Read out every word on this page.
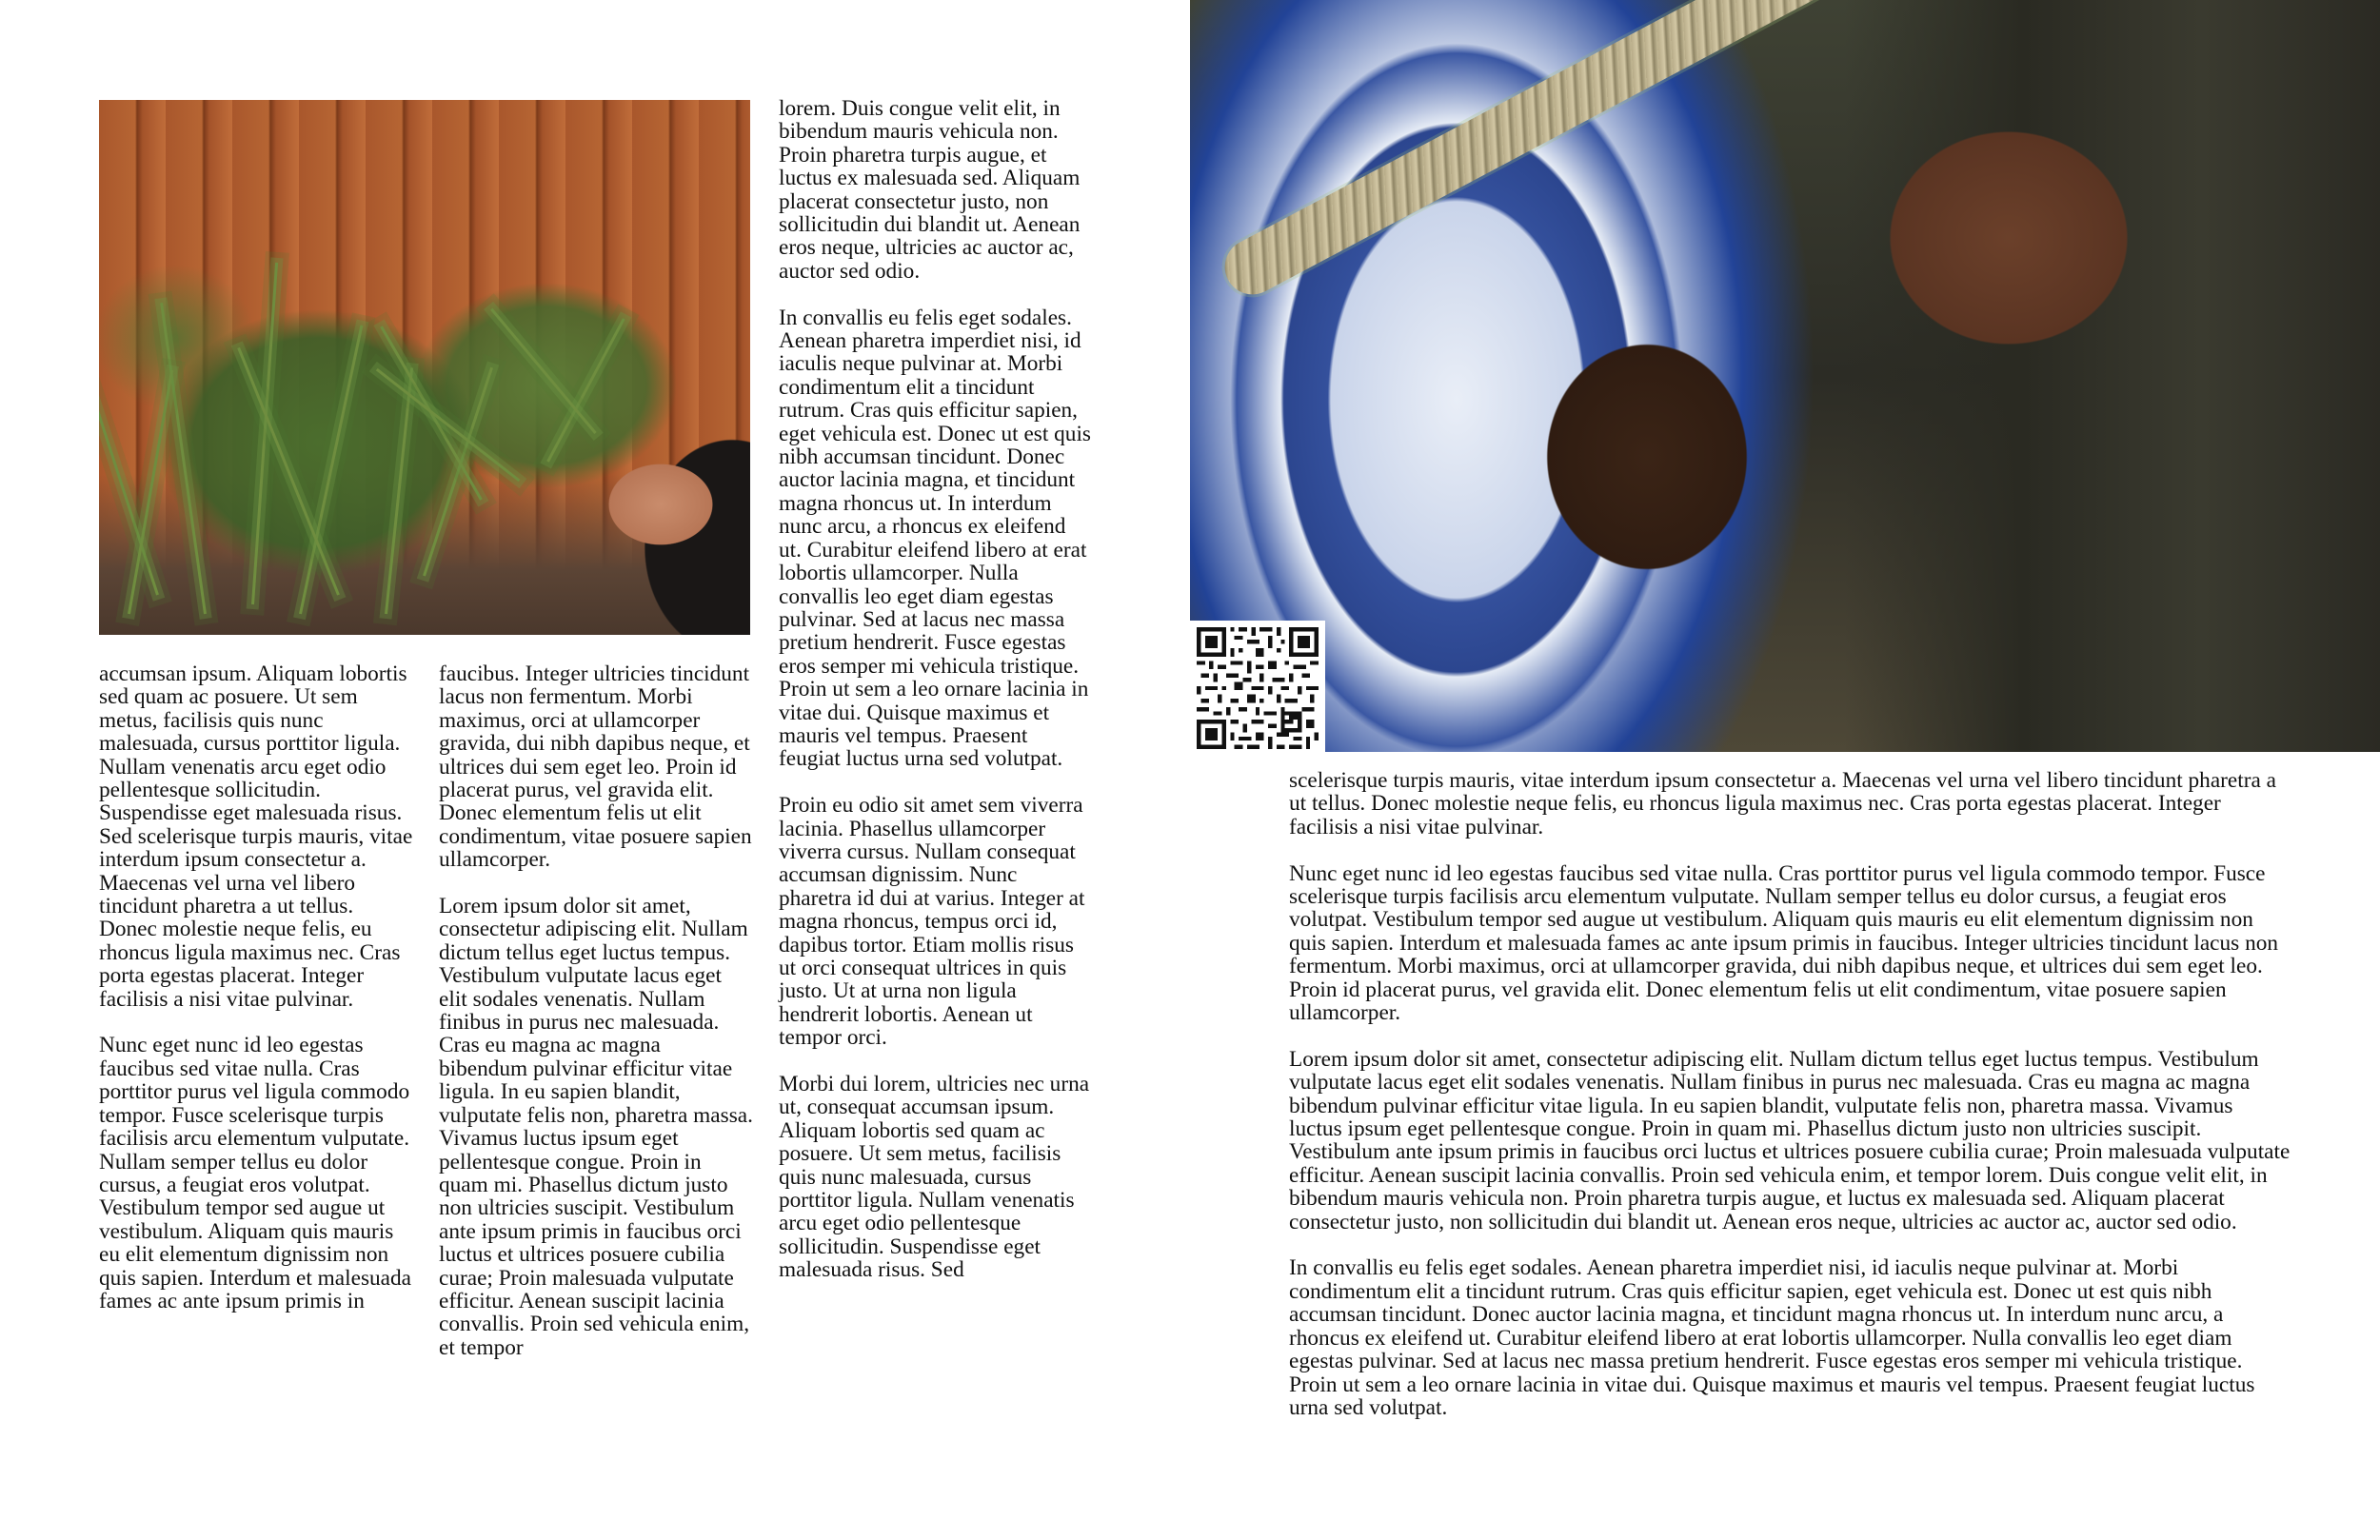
accumsan ipsum. Aliquam lobortis sed quam ac posuere. Ut sem metus, facilisis quis nunc malesuada, cursus porttitor ligula. Nullam venenatis arcu eget odio pellentesque sollicitudin. Suspendisse eget malesuada risus. Sed scelerisque turpis mauris, vitae interdum ipsum consectetur a. Maecenas vel urna vel libero tincidunt pharetra a ut tellus. Donec molestie neque felis, eu rhoncus ligula maximus nec. Cras porta egestas placerat. Integer facilisis a nisi vitae pulvinar.

Nunc eget nunc id leo egestas faucibus sed vitae nulla. Cras porttitor purus vel ligula commodo tempor. Fusce scelerisque turpis facilisis arcu elementum vulputate. Nullam semper tellus eu dolor cursus, a feugiat eros volutpat. Vestibulum tempor sed augue ut vestibulum. Aliquam quis mauris eu elit elementum dignissim non quis sapien. Interdum et malesuada fames ac ante ipsum primis in

faucibus. Integer ultricies tincidunt lacus non fermentum. Morbi maximus, orci at ullamcorper gravida, dui nibh dapibus neque, et ultrices dui sem eget leo. Proin id placerat purus, vel gravida elit. Donec elementum felis ut elit condimentum, vitae posuere sapien ullamcorper.

Lorem ipsum dolor sit amet, consectetur adipiscing elit. Nullam dictum tellus eget luctus tempus. Vestibulum vulputate lacus eget elit sodales venenatis. Nullam finibus in purus nec malesuada. Cras eu magna ac magna bibendum pulvinar efficitur vitae ligula. In eu sapien blandit, vulputate felis non, pharetra massa. Vivamus luctus ipsum eget pellentesque congue. Proin in quam mi. Phasellus dictum justo non ultricies suscipit. Vestibulum ante ipsum primis in faucibus orci luctus et ultrices posuere cubilia curae; Proin malesuada vulputate efficitur. Aenean suscipit lacinia convallis. Proin sed vehicula enim, et tempor

lorem. Duis congue velit elit, in bibendum mauris vehicula non. Proin pharetra turpis augue, et luctus ex malesuada sed. Aliquam placerat consectetur justo, non sollicitudin dui blandit ut. Aenean eros neque, ultricies ac auctor ac, auctor sed odio.

In convallis eu felis eget sodales. Aenean pharetra imperdiet nisi, id iaculis neque pulvinar at. Morbi condimentum elit a tincidunt rutrum. Cras quis efficitur sapien, eget vehicula est. Donec ut est quis nibh accumsan tincidunt. Donec auctor lacinia magna, et tincidunt magna rhoncus ut. In interdum nunc arcu, a rhoncus ex eleifend ut. Curabitur eleifend libero at erat lobortis ullamcorper. Nulla convallis leo eget diam egestas pulvinar. Sed at lacus nec massa pretium hendrerit. Fusce egestas eros semper mi vehicula tristique. Proin ut sem a leo ornare lacinia in vitae dui. Quisque maximus et mauris vel tempus. Praesent feugiat luctus urna sed volutpat.

Proin eu odio sit amet sem viverra lacinia. Phasellus ullamcorper viverra cursus. Nullam consequat accumsan dignissim. Nunc pharetra id dui at varius. Integer at magna rhoncus, tempus orci id, dapibus tortor. Etiam mollis risus ut orci consequat ultrices in quis justo. Ut at urna non ligula hendrerit lobortis. Aenean ut tempor orci.

Morbi dui lorem, ultricies nec urna ut, consequat accumsan ipsum. Aliquam lobortis sed quam ac posuere. Ut sem metus, facilisis quis nunc malesuada, cursus porttitor ligula. Nullam venenatis arcu eget odio pellentesque sollicitudin. Suspendisse eget malesuada risus. Sed

scelerisque turpis mauris, vitae interdum ipsum consectetur a. Maecenas vel urna vel libero tincidunt pharetra a ut tellus. Donec molestie neque felis, eu rhoncus ligula maximus nec. Cras porta egestas placerat. Integer facilisis a nisi vitae pulvinar.

Nunc eget nunc id leo egestas faucibus sed vitae nulla. Cras porttitor purus vel ligula commodo tempor. Fusce scelerisque turpis facilisis arcu elementum vulputate. Nullam semper tellus eu dolor cursus, a feugiat eros volutpat. Vestibulum tempor sed augue ut vestibulum. Aliquam quis mauris eu elit elementum dignissim non quis sapien. Interdum et malesuada fames ac ante ipsum primis in faucibus. Integer ultricies tincidunt lacus non fermentum. Morbi maximus, orci at ullamcorper gravida, dui nibh dapibus neque, et ultrices dui sem eget leo. Proin id placerat purus, vel gravida elit. Donec elementum felis ut elit condimentum, vitae posuere sapien ullamcorper.

Lorem ipsum dolor sit amet, consectetur adipiscing elit. Nullam dictum tellus eget luctus tempus. Vestibulum vulputate lacus eget elit sodales venenatis. Nullam finibus in purus nec malesuada. Cras eu magna ac magna bibendum pulvinar efficitur vitae ligula. In eu sapien blandit, vulputate felis non, pharetra massa. Vivamus luctus ipsum eget pellentesque congue. Proin in quam mi. Phasellus dictum justo non ultricies suscipit. Vestibulum ante ipsum primis in faucibus orci luctus et ultrices posuere cubilia curae; Proin malesuada vulputate efficitur. Aenean suscipit lacinia convallis. Proin sed vehicula enim, et tempor lorem. Duis congue velit elit, in bibendum mauris vehicula non. Proin pharetra turpis augue, et luctus ex malesuada sed. Aliquam placerat consectetur justo, non sollicitudin dui blandit ut. Aenean eros neque, ultricies ac auctor ac, auctor sed odio.

In convallis eu felis eget sodales. Aenean pharetra imperdiet nisi, id iaculis neque pulvinar at. Morbi condimentum elit a tincidunt rutrum. Cras quis efficitur sapien, eget vehicula est. Donec ut est quis nibh accumsan tincidunt. Donec auctor lacinia magna, et tincidunt magna rhoncus ut. In interdum nunc arcu, a rhoncus ex eleifend ut. Curabitur eleifend libero at erat lobortis ullamcorper. Nulla convallis leo eget diam egestas pulvinar. Sed at lacus nec massa pretium hendrerit. Fusce egestas eros semper mi vehicula tristique. Proin ut sem a leo ornare lacinia in vitae dui. Quisque maximus et mauris vel tempus. Praesent feugiat luctus urna sed volutpat.
